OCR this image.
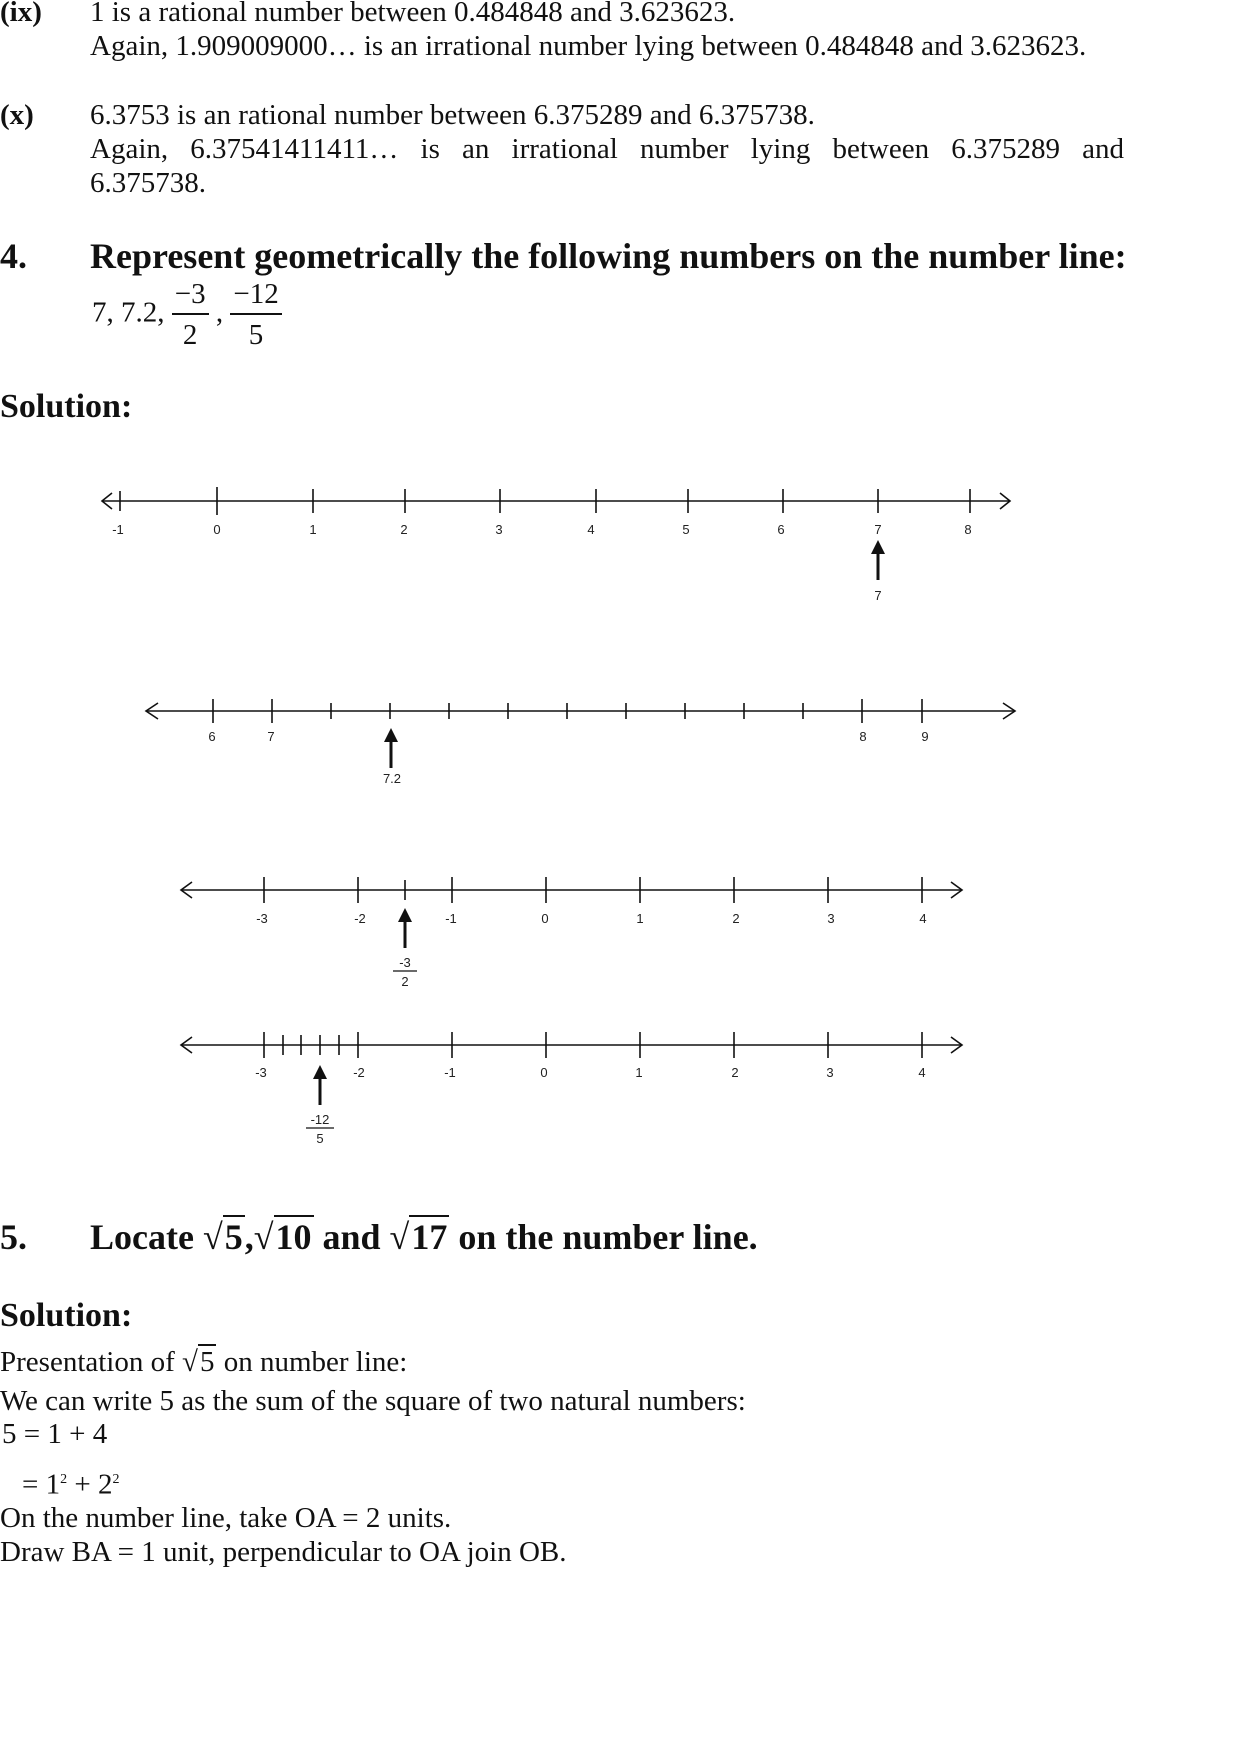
(ix) 1 is a rational number between 0.484848 and 3.623623.
Again, 1.909009000… is an irrational number lying between 0.484848 and 3.623623.
(x) 6.3753 is an rational number between 6.375289 and 6.375738.
Again, 6.37541411411… is an irrational number lying between 6.375289 and
6.375738.
4. Represent geometrically the following numbers on the number line:
7, 7.2, $\frac{-3}{2}$ , $\frac{-12}{5}$
Solution:
-1	0	1	2	3	4	5	6	7	8
7
6	7	8	9
7.2
-3	-2	-1	0	1	2	3	4
-3
2
-3	-2	-1	0	1	2	3	4
-12
5
5. Locate √5,√10 and √17 on the number line.
Solution:
Presentation of √5 on number line:
We can write 5 as the sum of the square of two natural numbers:
5 = 1 + 4
= $1^2 + 2^2$
On the number line, take OA = 2 units.
Draw BA = 1 unit, perpendicular to OA join OB.
